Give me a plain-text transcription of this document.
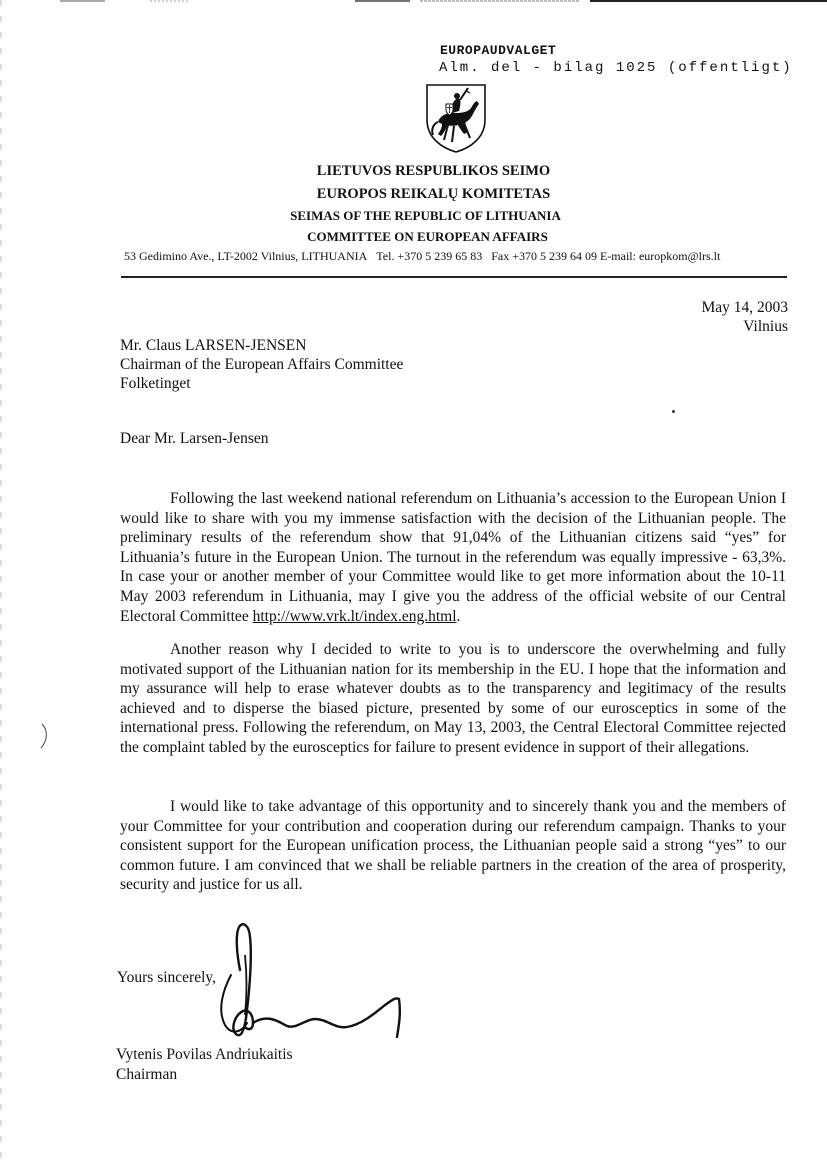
EUROPAUDVALGET
Alm. del - bilag 1025 (offentligt)
LIETUVOS RESPUBLIKOS SEIMO
EUROPOS REIKALŲ KOMITETAS
SEIMAS OF THE REPUBLIC OF LITHUANIA
COMMITTEE ON EUROPEAN AFFAIRS
53 Gedimino Ave., LT-2002 Vilnius, LITHUANIA Tel. +370 5 239 65 83 Fax +370 5 239 64 09 E-mail: europkom@lrs.lt
May 14, 2003
Vilnius
Mr. Claus LARSEN-JENSEN
Chairman of the European Affairs Committee
Folketinget
Dear Mr. Larsen-Jensen

Following the last weekend national referendum on Lithuania’s accession to the European Union I would like to share with you my immense satisfaction with the decision of the Lithuanian people. The preliminary results of the referendum show that 91,04% of the Lithuanian citizens said “yes” for Lithuania’s future in the European Union. The turnout in the referendum was equally impressive - 63,3%. In case your or another member of your Committee would like to get more information about the 10-11 May 2003 referendum in Lithuania, may I give you the address of the official website of our Central Electoral Committee http://www.vrk.lt/index.eng.html.

Another reason why I decided to write to you is to underscore the overwhelming and fully motivated support of the Lithuanian nation for its membership in the EU. I hope that the information and my assurance will help to erase whatever doubts as to the transparency and legitimacy of the results achieved and to disperse the biased picture, presented by some of our eurosceptics in some of the international press. Following the referendum, on May 13, 2003, the Central Electoral Committee rejected the complaint tabled by the eurosceptics for failure to present evidence in support of their allegations.

I would like to take advantage of this opportunity and to sincerely thank you and the members of your Committee for your contribution and cooperation during our referendum campaign. Thanks to your consistent support for the European unification process, the Lithuanian people said a strong “yes” to our common future. I am convinced that we shall be reliable partners in the creation of the area of prosperity, security and justice for us all.

Yours sincerely,
Vytenis Povilas Andriukaitis
Chairman
